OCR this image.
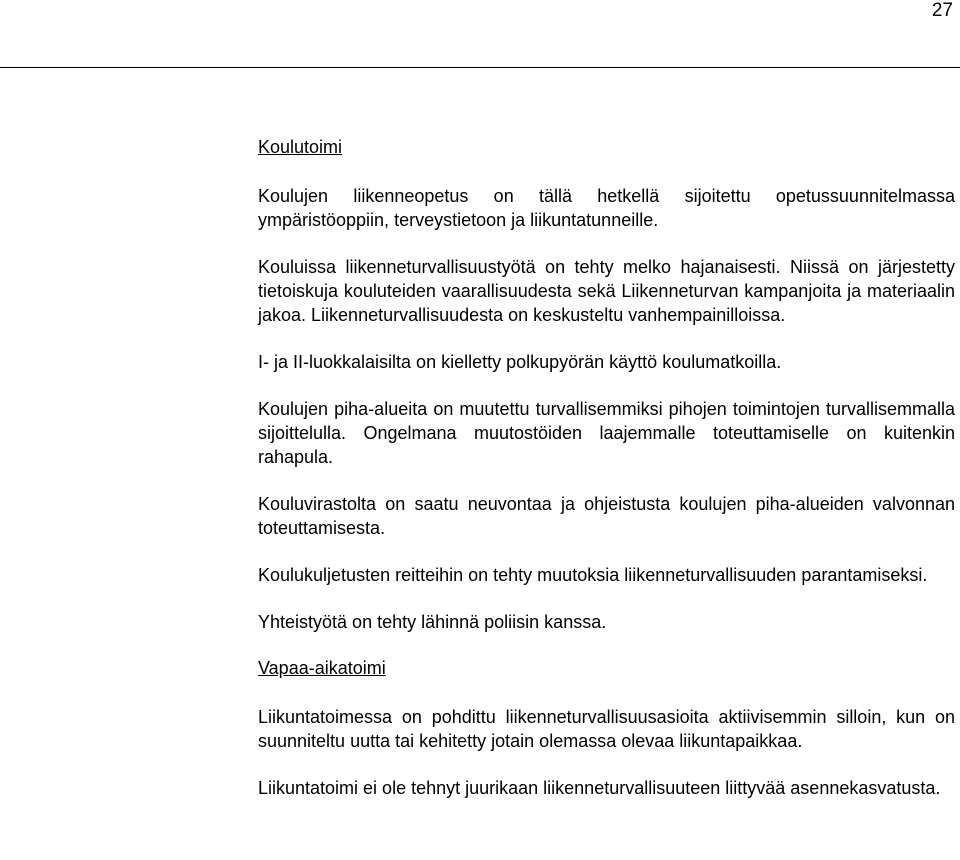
27
Koulutoimi

Koulujen liikenneopetus on tällä hetkellä sijoitettu opetussuunnitelmassa ympäristöoppiin, terveystietoon ja liikuntatunneille.

Kouluissa liikenneturvallisuustyötä on tehty melko hajanaisesti. Niissä on järjestetty tietoiskuja kouluteiden vaarallisuudesta sekä Liikenneturvan kampanjoita ja materiaalin jakoa. Liikenneturvallisuudesta on keskusteltu vanhempainilloissa.

I- ja II-luokkalaisilta on kielletty polkupyörän käyttö koulumatkoilla.

Koulujen piha-alueita on muutettu turvallisemmiksi pihojen toimintojen turvallisemmalla sijoittelulla. Ongelmana muutostöiden laajemmalle toteuttamiselle on kuitenkin rahapula.

Kouluvirastolta on saatu neuvontaa ja ohjeistusta koulujen piha-alueiden valvonnan toteuttamisesta.

Koulukuljetusten reitteihin on tehty muutoksia liikenneturvallisuuden parantamiseksi.

Yhteistyötä on tehty lähinnä poliisin kanssa.

Vapaa-aikatoimi

Liikuntatoimessa on pohdittu liikenneturvallisuusasioita aktiivisemmin silloin, kun on suunniteltu uutta tai kehitetty jotain olemassa olevaa liikuntapaikkaa.

Liikuntatoimi ei ole tehnyt juurikaan liikenneturvallisuuteen liittyvää asennekasvatusta.
